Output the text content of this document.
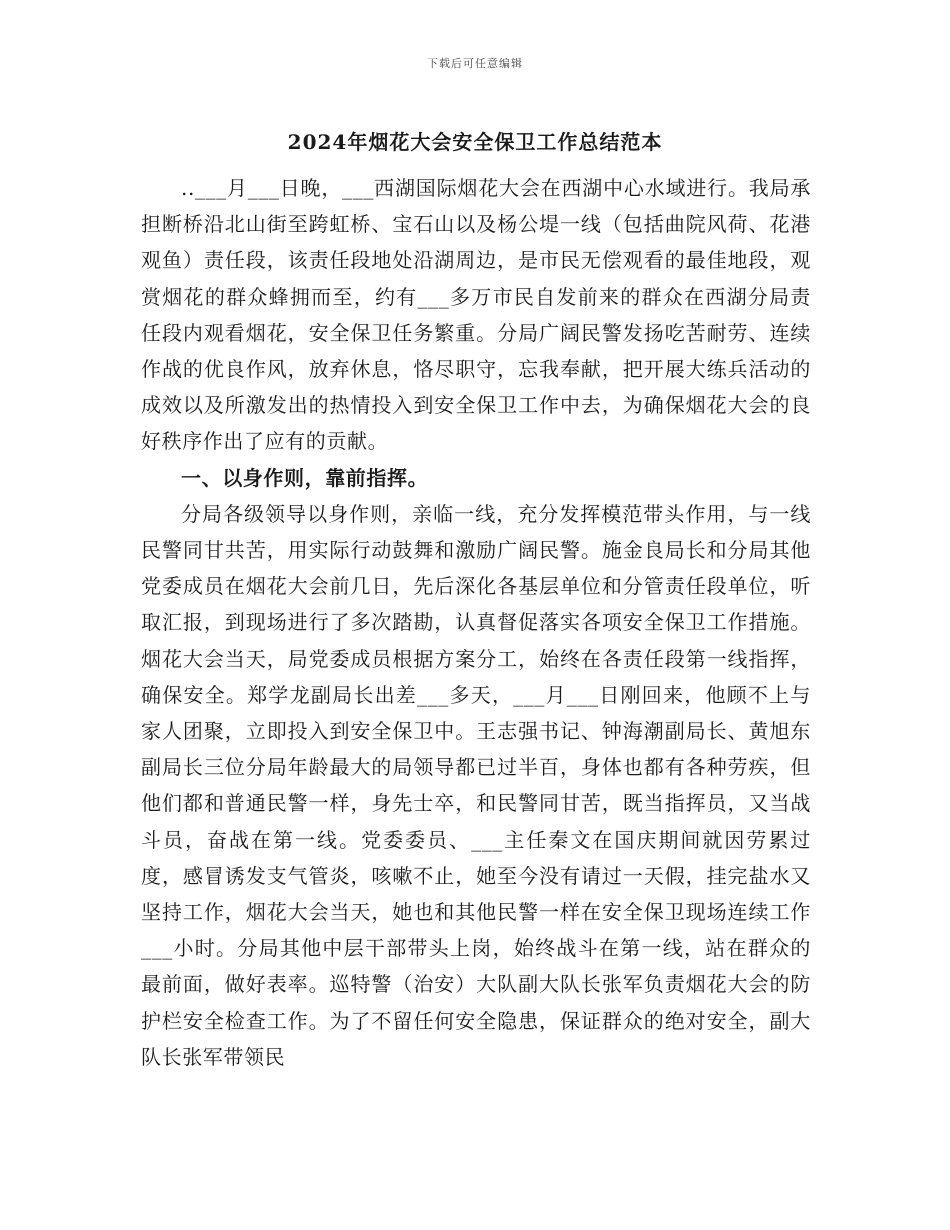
下载后可任意编辑
2024年烟花大会安全保卫工作总结范本

..___月___日晚，___西湖国际烟花大会在西湖中心水域进行。我局承担断桥沿北山街至跨虹桥、宝石山以及杨公堤一线（包括曲院风荷、花港观鱼）责任段，该责任段地处沿湖周边，是市民无偿观看的最佳地段，观赏烟花的群众蜂拥而至，约有___多万市民自发前来的群众在西湖分局责任段内观看烟花，安全保卫任务繁重。分局广阔民警发扬吃苦耐劳、连续作战的优良作风，放弃休息，恪尽职守，忘我奉献，把开展大练兵活动的成效以及所激发出的热情投入到安全保卫工作中去，为确保烟花大会的良好秩序作出了应有的贡献。

一、以身作则，靠前指挥。

分局各级领导以身作则，亲临一线，充分发挥模范带头作用，与一线民警同甘共苦，用实际行动鼓舞和激励广阔民警。施金良局长和分局其他党委成员在烟花大会前几日，先后深化各基层单位和分管责任段单位，听取汇报，到现场进行了多次踏勘，认真督促落实各项安全保卫工作措施。烟花大会当天，局党委成员根据方案分工，始终在各责任段第一线指挥，确保安全。郑学龙副局长出差___多天，___月___日刚回来，他顾不上与家人团聚，立即投入到安全保卫中。王志强书记、钟海潮副局长、黄旭东副局长三位分局年龄最大的局领导都已过半百，身体也都有各种劳疾，但他们都和普通民警一样，身先士卒，和民警同甘苦，既当指挥员，又当战斗员，奋战在第一线。党委委员、___主任秦文在国庆期间就因劳累过度，感冒诱发支气管炎，咳嗽不止，她至今没有请过一天假，挂完盐水又坚持工作，烟花大会当天，她也和其他民警一样在安全保卫现场连续工作___小时。分局其他中层干部带头上岗，始终战斗在第一线，站在群众的最前面，做好表率。巡特警（治安）大队副大队长张军负责烟花大会的防护栏安全检查工作。为了不留任何安全隐患，保证群众的绝对安全，副大队长张军带领民
